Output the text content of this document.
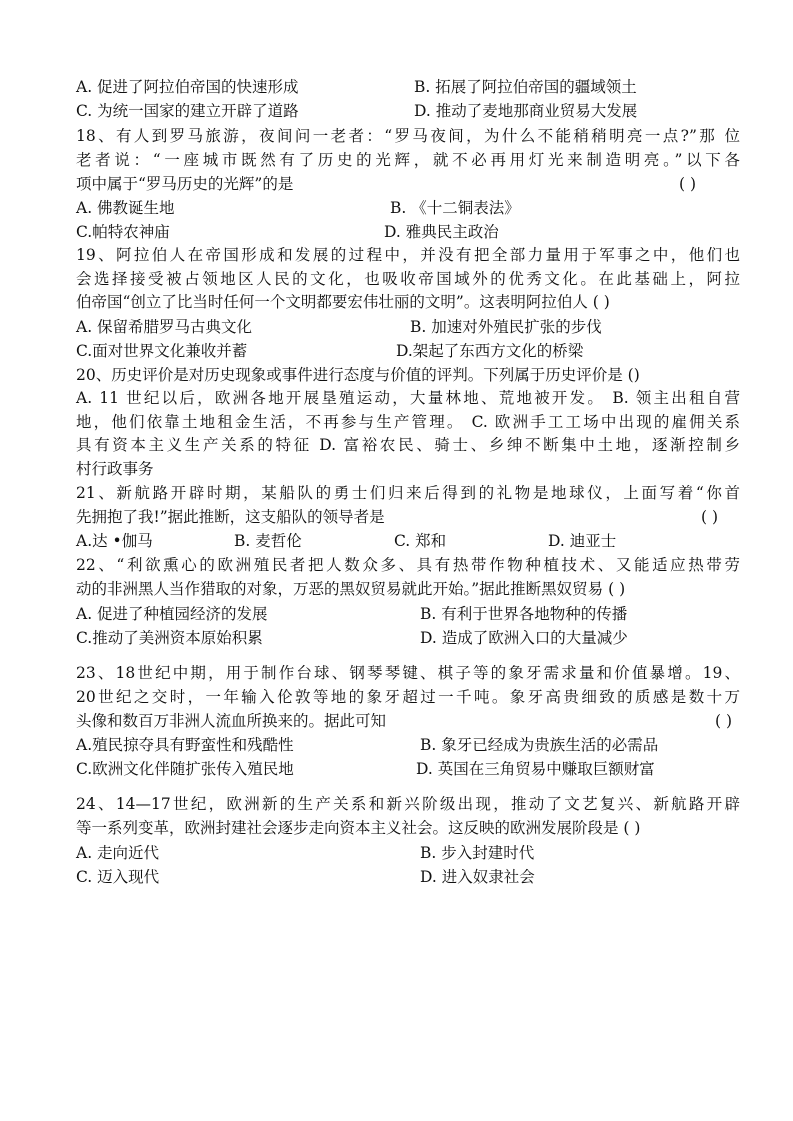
A. 促进了阿拉伯帝国的快速形成	B. 拓展了阿拉伯帝国的疆域领土
C. 为统一国家的建立开辟了道路	D. 推动了麦地那商业贸易大发展
18、有人到罗马旅游，夜间问一老者：“罗马夜间，为什么不能稍稍明亮一点?”那 位
老者说：“一座城市既然有了历史的光辉，就不必再用灯光来制造明亮。”以下各
项中属于“罗马历史的光辉”的是	( )
A. 佛教诞生地	B. 《十二铜表法》
C.帕特农神庙	D. 雅典民主政治
19、阿拉伯人在帝国形成和发展的过程中，并没有把全部力量用于军事之中，他们也
会选择接受被占领地区人民的文化，也吸收帝国域外的优秀文化。在此基础上，阿拉
伯帝国“创立了比当时任何一个文明都要宏伟壮丽的文明”。这表明阿拉伯人 ( )
A. 保留希腊罗马古典文化	B. 加速对外殖民扩张的步伐
C.面对世界文化兼收并蓄	D.架起了东西方文化的桥梁
20、历史评价是对历史现象或事件进行态度与价值的评判。下列属于历史评价是 ()
A. 11 世纪以后，欧洲各地开展垦殖运动，大量林地、荒地被开发。 B. 领主出租自营
地，他们依靠土地租金生活，不再参与生产管理。 C. 欧洲手工工场中出现的雇佣关系
具有资本主义生产关系的特征 D. 富裕农民、骑士、乡绅不断集中土地，逐渐控制乡
村行政事务
21、新航路开辟时期，某船队的勇士们归来后得到的礼物是地球仪，上面写着“你首
先拥抱了我!”据此推断，这支船队的领导者是	( )
A.达 •伽马	B. 麦哲伦	C. 郑和	D. 迪亚士
22、“利欲熏心的欧洲殖民者把人数众多、具有热带作物种植技术、又能适应热带劳
动的非洲黑人当作猎取的对象，万恶的黑奴贸易就此开始。”据此推断黑奴贸易 ( )
A. 促进了种植园经济的发展	B. 有利于世界各地物种的传播
C.推动了美洲资本原始积累	D. 造成了欧洲入口的大量减少
23、18世纪中期，用于制作台球、钢琴琴键、棋子等的象牙需求量和价值暴增。19、
20世纪之交时，一年输入伦敦等地的象牙超过一千吨。象牙高贵细致的质感是数十万
头像和数百万非洲人流血所换来的。据此可知	( )
A.殖民掠夺具有野蛮性和残酷性	B. 象牙已经成为贵族生活的必需品
C.欧洲文化伴随扩张传入殖民地	D. 英国在三角贸易中赚取巨额财富
24、14—17世纪，欧洲新的生产关系和新兴阶级出现，推动了文艺复兴、新航路开辟
等一系列变革，欧洲封建社会逐步走向资本主义社会。这反映的欧洲发展阶段是 ( )
A. 走向近代	B. 步入封建时代
C. 迈入现代	D. 进入奴隶社会
